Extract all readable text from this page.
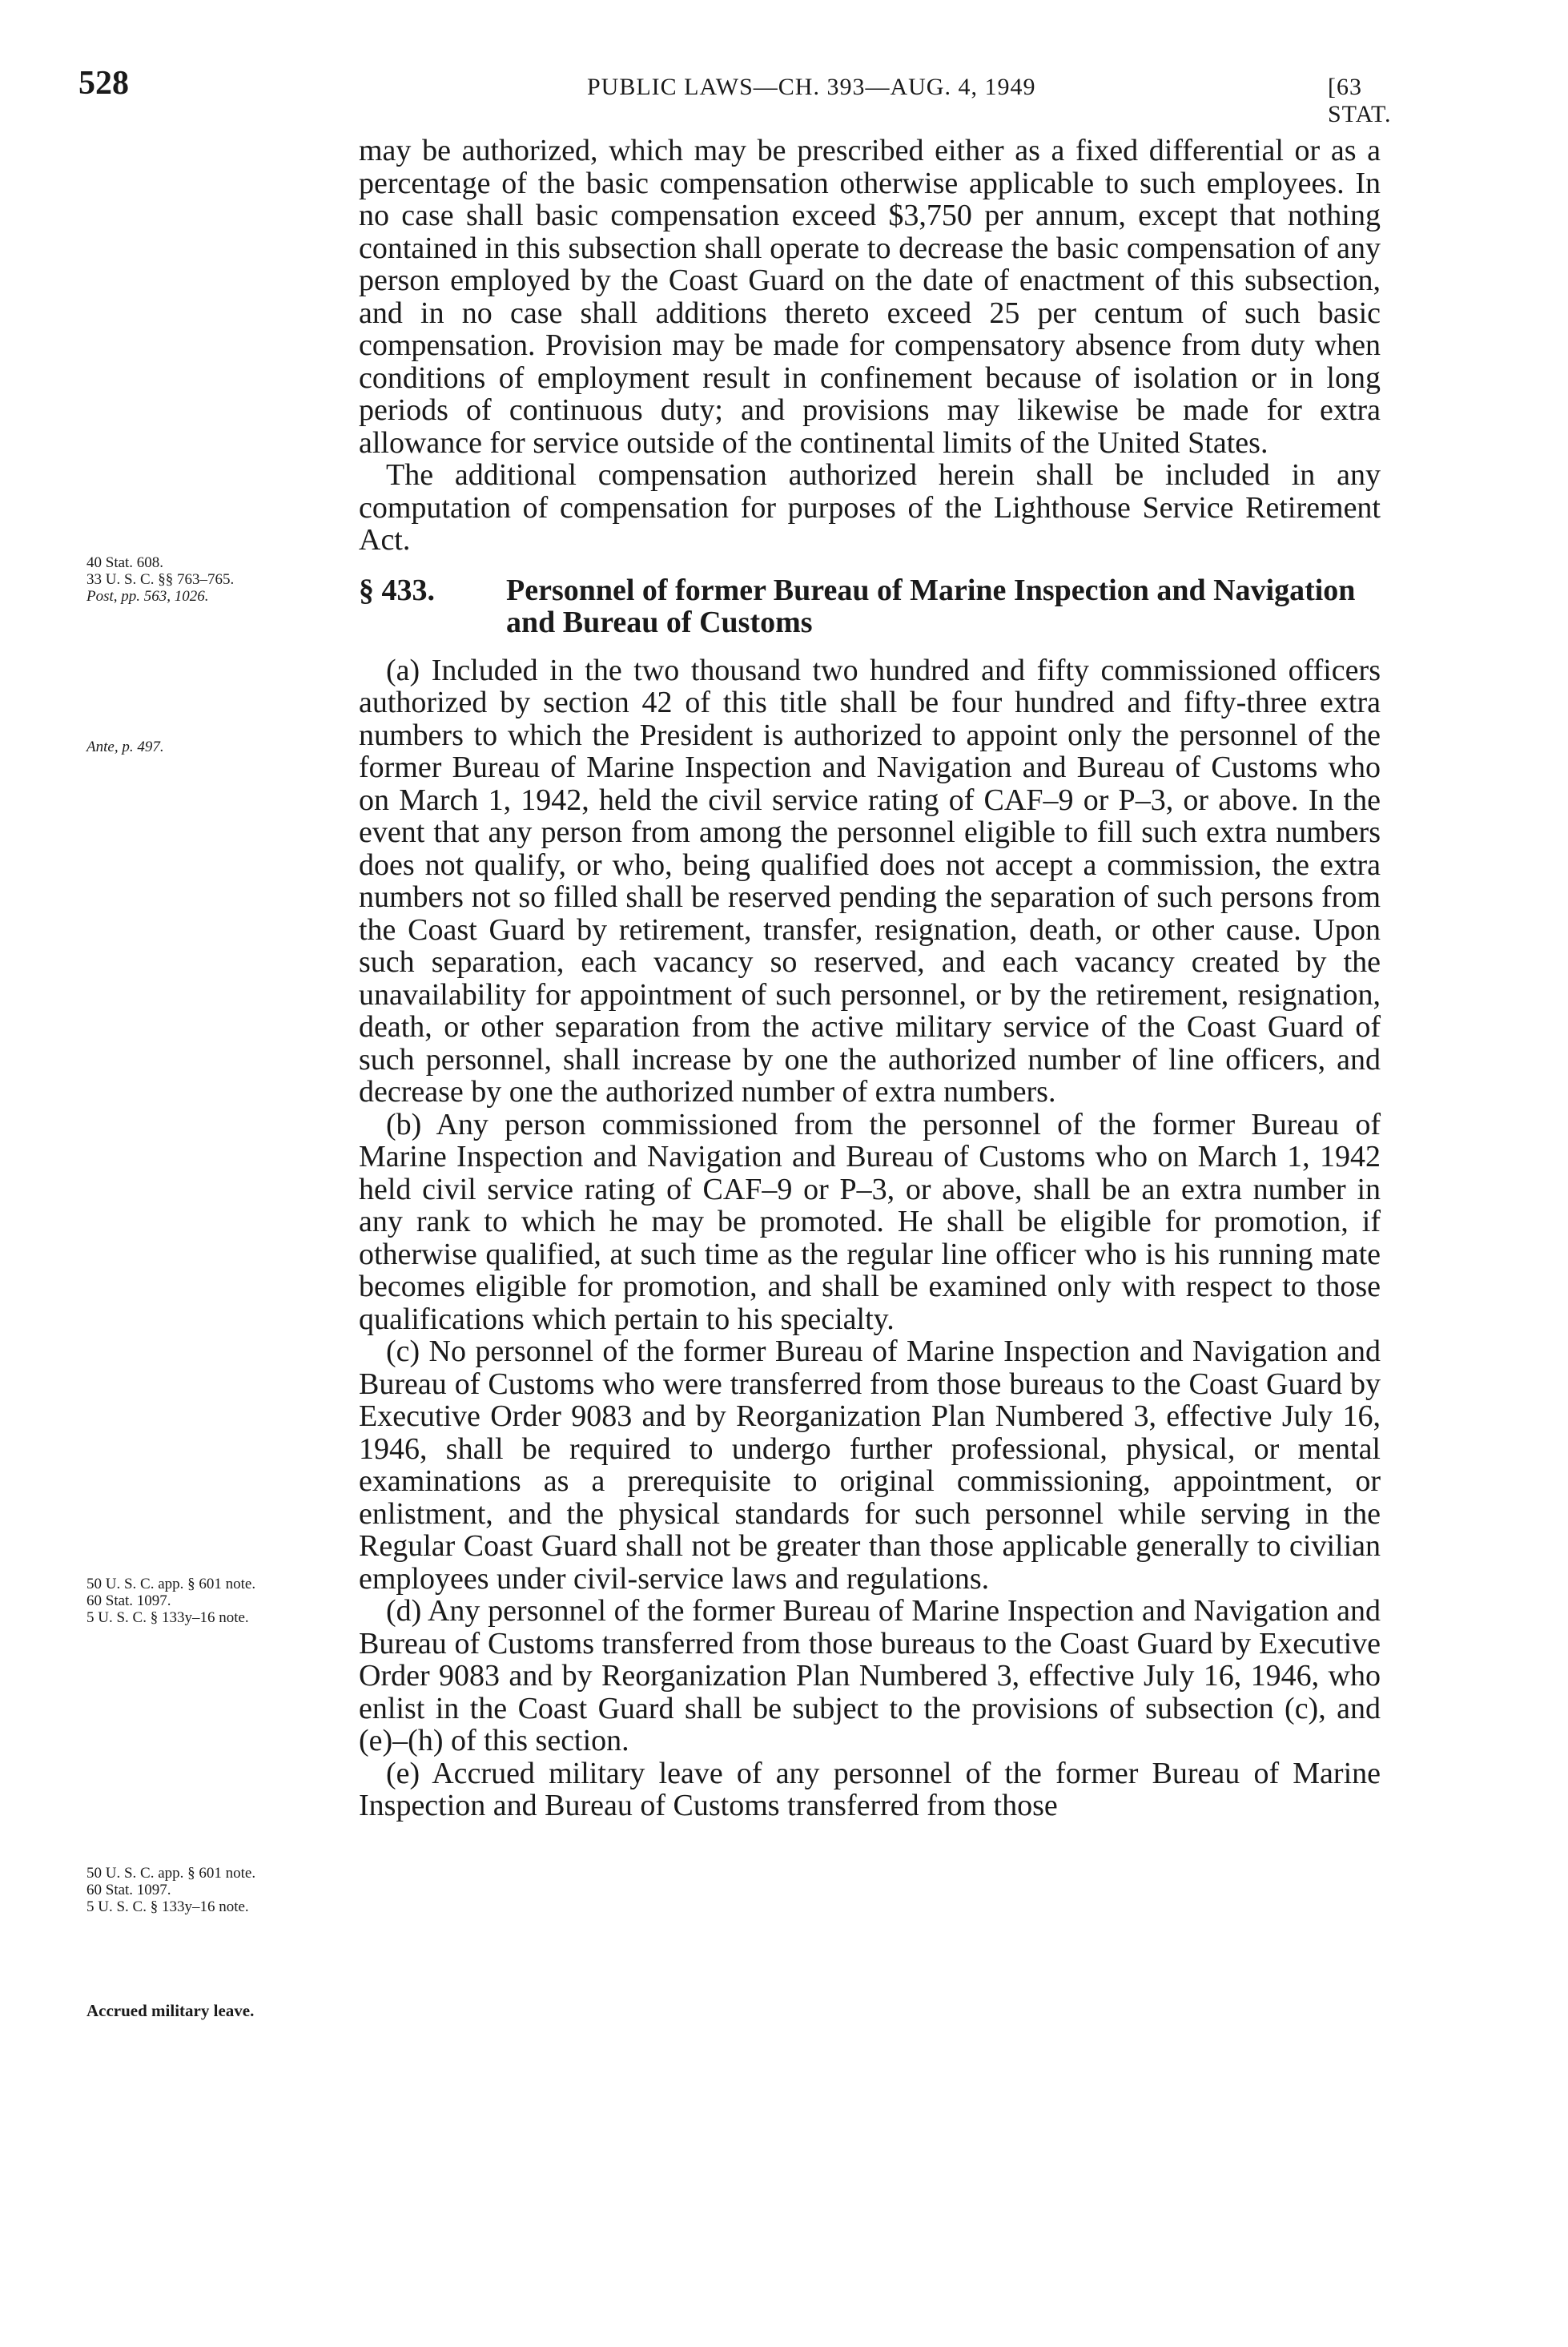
528	PUBLIC LAWS—CH. 393—AUG. 4, 1949	[63 STAT.
40 Stat. 608.
33 U. S. C. §§ 763–765.
Post, pp. 563, 1026.
Ante, p. 497.
50 U. S. C. app. § 601 note.
60 Stat. 1097.
5 U. S. C. § 133y–16 note.
50 U. S. C. app. § 601 note.
60 Stat. 1097.
5 U. S. C. § 133y–16 note.
Accrued military leave.

may be authorized, which may be prescribed either as a fixed differential or as a percentage of the basic compensation otherwise applicable to such employees. In no case shall basic compensation exceed $3,750 per annum, except that nothing contained in this subsection shall operate to decrease the basic compensation of any person employed by the Coast Guard on the date of enactment of this subsection, and in no case shall additions thereto exceed 25 per centum of such basic compensation. Provision may be made for compensatory absence from duty when conditions of employment result in confinement because of isolation or in long periods of continuous duty; and provisions may likewise be made for extra allowance for service outside of the continental limits of the United States.

The additional compensation authorized herein shall be included in any computation of compensation for purposes of the Lighthouse Service Retirement Act.

§ 433. Personnel of former Bureau of Marine Inspection and Navigation and Bureau of Customs

(a) Included in the two thousand two hundred and fifty commissioned officers authorized by section 42 of this title shall be four hundred and fifty-three extra numbers to which the President is authorized to appoint only the personnel of the former Bureau of Marine Inspection and Navigation and Bureau of Customs who on March 1, 1942, held the civil service rating of CAF–9 or P–3, or above. In the event that any person from among the personnel eligible to fill such extra numbers does not qualify, or who, being qualified does not accept a commission, the extra numbers not so filled shall be reserved pending the separation of such persons from the Coast Guard by retirement, transfer, resignation, death, or other cause. Upon such separation, each vacancy so reserved, and each vacancy created by the unavailability for appointment of such personnel, or by the retirement, resignation, death, or other separation from the active military service of the Coast Guard of such personnel, shall increase by one the authorized number of line officers, and decrease by one the authorized number of extra numbers.

(b) Any person commissioned from the personnel of the former Bureau of Marine Inspection and Navigation and Bureau of Customs who on March 1, 1942 held civil service rating of CAF–9 or P–3, or above, shall be an extra number in any rank to which he may be promoted. He shall be eligible for promotion, if otherwise qualified, at such time as the regular line officer who is his running mate becomes eligible for promotion, and shall be examined only with respect to those qualifications which pertain to his specialty.

(c) No personnel of the former Bureau of Marine Inspection and Navigation and Bureau of Customs who were transferred from those bureaus to the Coast Guard by Executive Order 9083 and by Reorganization Plan Numbered 3, effective July 16, 1946, shall be required to undergo further professional, physical, or mental examinations as a prerequisite to original commissioning, appointment, or enlistment, and the physical standards for such personnel while serving in the Regular Coast Guard shall not be greater than those applicable generally to civilian employees under civil-service laws and regulations.

(d) Any personnel of the former Bureau of Marine Inspection and Navigation and Bureau of Customs transferred from those bureaus to the Coast Guard by Executive Order 9083 and by Reorganization Plan Numbered 3, effective July 16, 1946, who enlist in the Coast Guard shall be subject to the provisions of subsection (c), and (e)–(h) of this section.

(e) Accrued military leave of any personnel of the former Bureau of Marine Inspection and Bureau of Customs transferred from those
